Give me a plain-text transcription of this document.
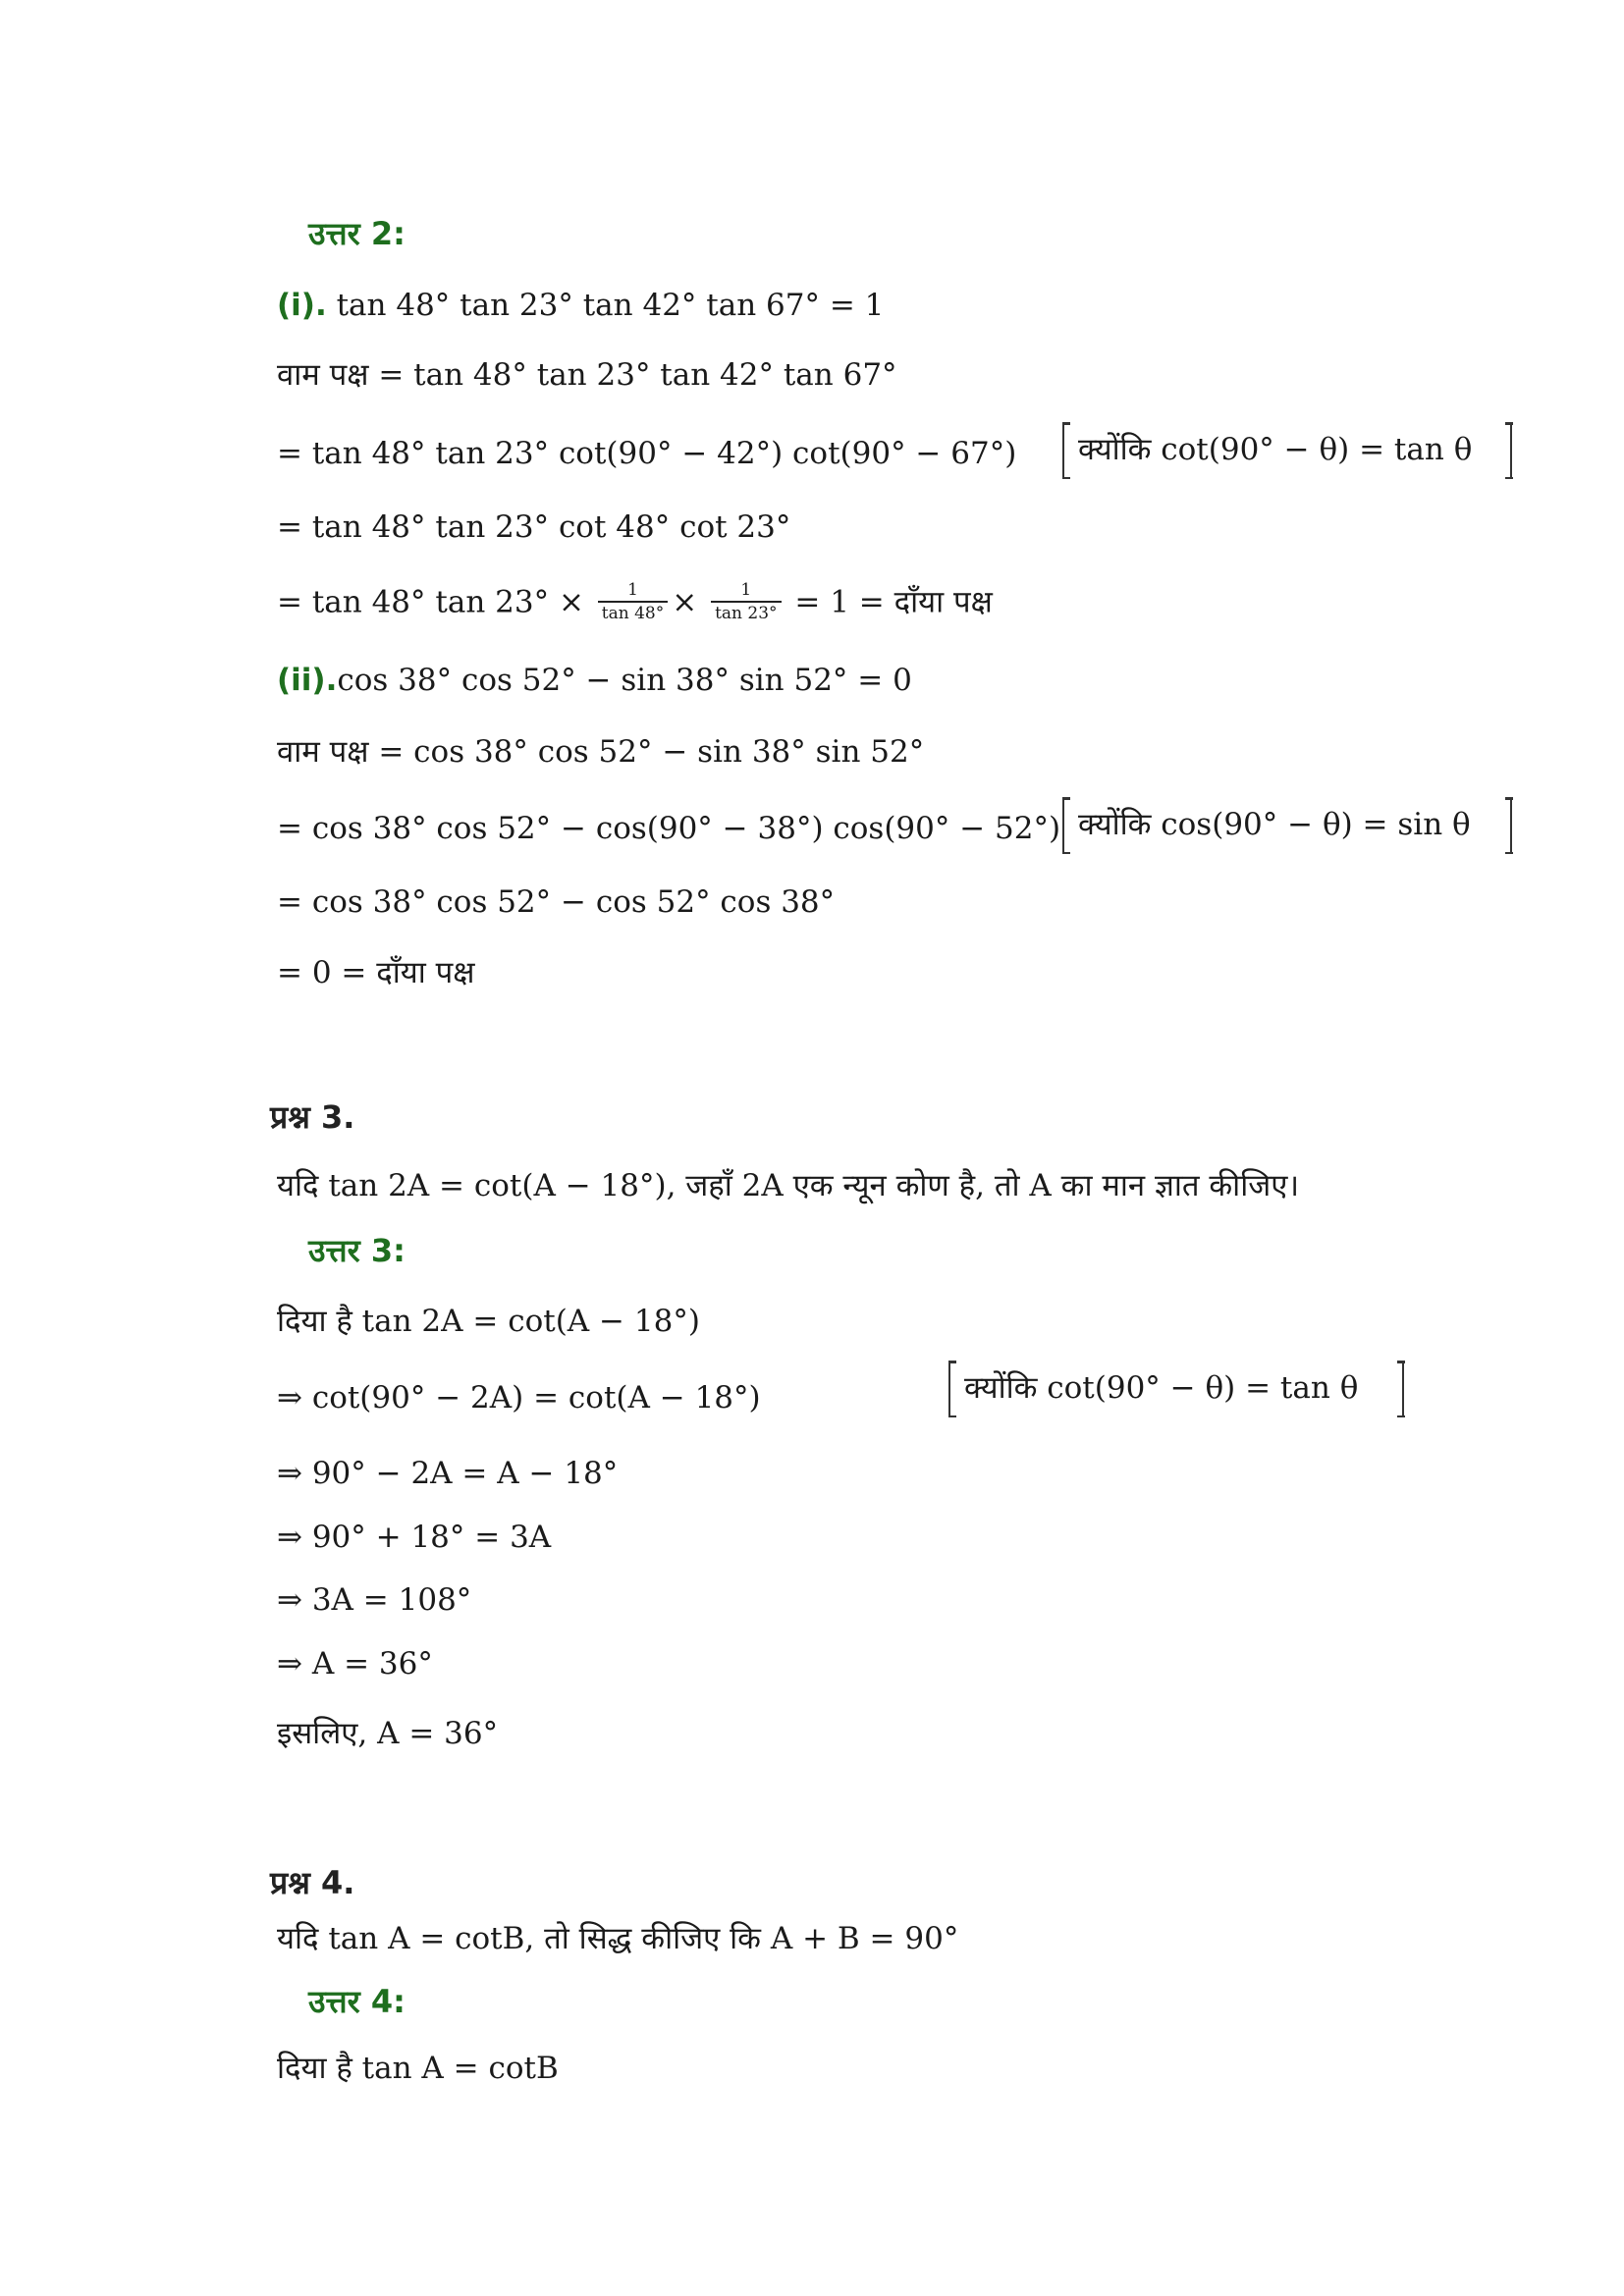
उत्तर 2:
(i). tan 48° tan 23° tan 42° tan 67° = 1
वाम पक्ष = tan 48° tan 23° tan 42° tan 67°
= tan 48° tan 23° cot(90° − 42°) cot(90° − 67°) क्योंकि cot(90° − θ) = tan θ
= tan 48° tan 23° cot 48° cot 23°
= tan 48° $\tan 23^\circ \times \frac{1}{\tan 48^\circ} \times \frac{1}{\tan 23^\circ} = 1$ = दाँया पक्ष
(ii).cos 38° cos 52° − sin 38° sin 52° = 0
वाम पक्ष = cos 38° cos 52° − sin 38° sin 52°
= cos 38° cos 52° − cos(90° − 38°) cos(90° − 52°) क्योंकि cos(90° − θ) = sin θ
= cos 38° cos 52° − cos 52° cos 38°
= 0 = दाँया पक्ष
प्रश्न 3.
यदि tan 2A = cot(A − 18°), जहाँ 2A एक न्यून कोण है, तो A का मान ज्ञात कीजिए।
उत्तर 3:
दिया है tan 2A = cot(A − 18°)
⇒ cot(90° − 2A) = cot(A − 18°)	क्योंकि cot(90° − θ) = tan θ
⇒ 90° − 2A = A − 18°
⇒ 90° + 18° = 3A
⇒ 3A = 108°
⇒ A = 36°
इसलिए, A = 36°
प्रश्न 4.
यदि tan A = cotB, तो सिद्ध कीजिए कि A + B = 90°
उत्तर 4:
दिया है tan A = cotB
